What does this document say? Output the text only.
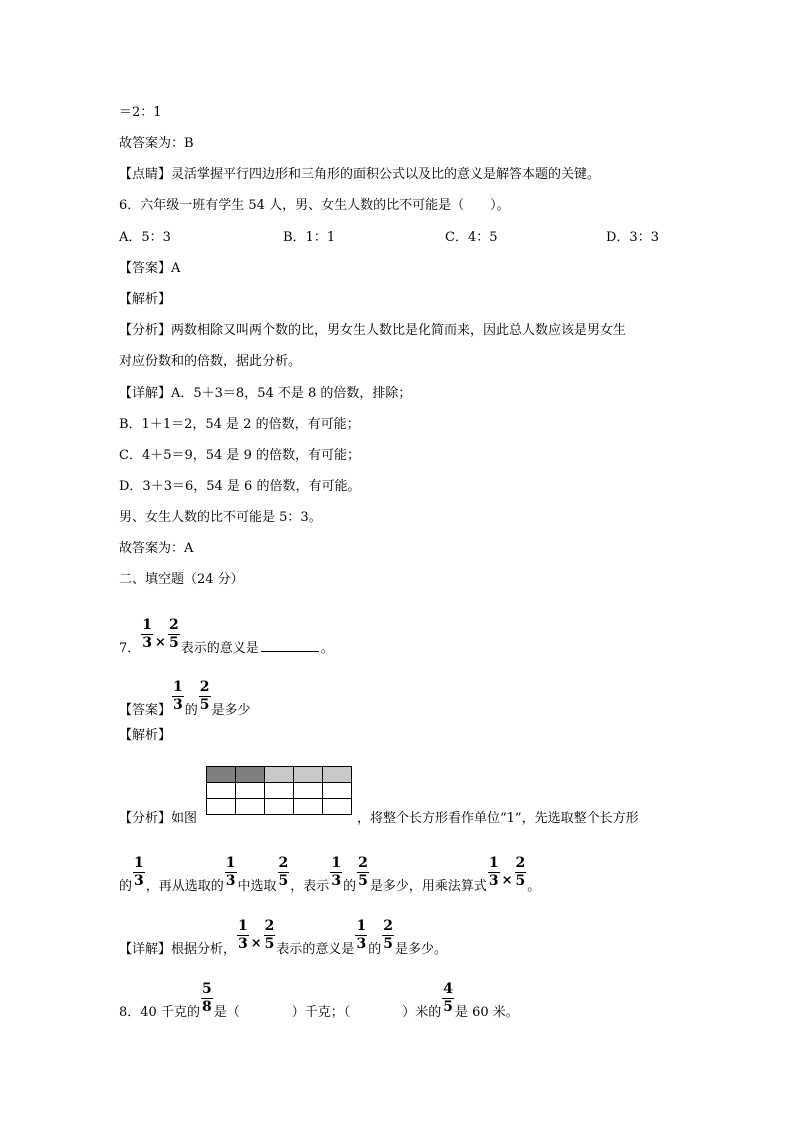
＝2：1
故答案为：B
【点睛】灵活掌握平行四边形和三角形的面积公式以及比的意义是解答本题的关键。
6．六年级一班有学生 54 人，男、女生人数的比不可能是（　　）。
A．5：3	B．1：1	C．4：5	D．3：3
【答案】A
【解析】
【分析】两数相除又叫两个数的比，男女生人数比是化简而来，因此总人数应该是男女生
对应份数和的倍数，据此分析。
【详解】A．5＋3＝8，54 不是 8 的倍数，排除；
B．1＋1＝2，54 是 2 的倍数，有可能；
C．4＋5＝9，54 是 9 的倍数，有可能；
D．3＋3＝6，54 是 6 的倍数，有可能。
男、女生人数的比不可能是 5：3。
故答案为：A
二、填空题（24 分）
7． $\frac{1}{3} \times \frac{2}{5}$ 表示的意义是	。
【答案】 $\frac{1}{3}$ 的 $\frac{2}{5}$ 是多少
【解析】

【分析】如图	，将整个长方形看作单位“1”，先选取整个长方形
的 $\frac{1}{3}$ ，再从选取的 $\frac{1}{3}$ 中选取 $\frac{2}{5}$ ，表示 $\frac{1}{3}$ 的 $\frac{2}{5}$ 是多少，用乘法算式 $\frac{1}{3} \times \frac{2}{5}$ 。
【详解】根据分析， $\frac{1}{3} \times \frac{2}{5}$ 表示的意义是 $\frac{1}{3}$ 的 $\frac{2}{5}$ 是多少。
8．40 千克的 $\frac{5}{8}$ 是（　　　　）千克；（　　　　）米的 $\frac{4}{5}$ 是 60 米。
